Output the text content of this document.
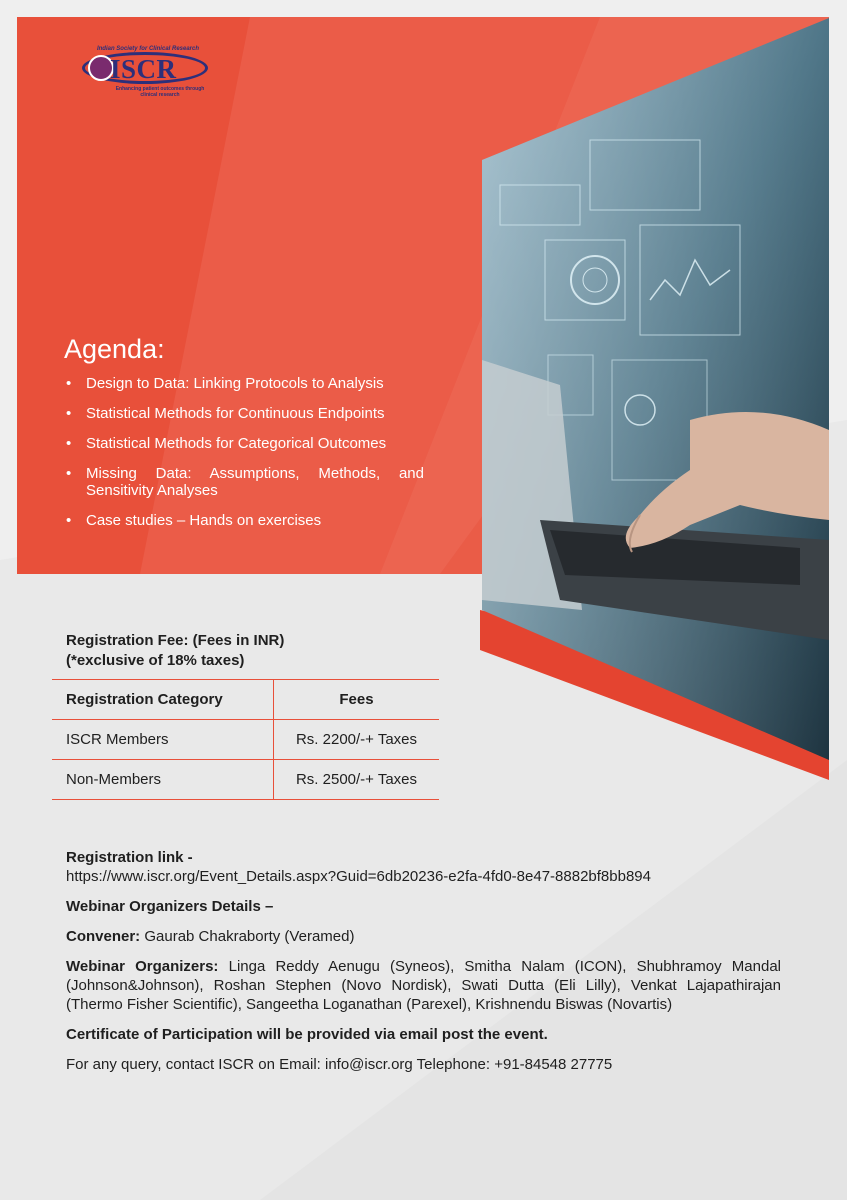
Indian Society for Clinical Research
ISCR
Enhancing patient outcomes through clinical research
Agenda:
• Design to Data: Linking Protocols to Analysis
• Statistical Methods for Continuous Endpoints
• Statistical Methods for Categorical Outcomes
• Missing Data: Assumptions, Methods, and Sensitivity Analyses
• Case studies – Hands on exercises
Registration Fee: (Fees in INR)
(*exclusive of 18% taxes)
Registration Category	Fees
ISCR Members	Rs. 2200/-+ Taxes
Non-Members	Rs. 2500/-+ Taxes

Registration link -

https://www.iscr.org/Event_Details.aspx?Guid=6db20236-e2fa-4fd0-8e47-8882bf8bb894

Webinar Organizers Details –

Convener: Gaurab Chakraborty (Veramed)

Webinar Organizers: Linga Reddy Aenugu (Syneos), Smitha Nalam (ICON), Shubhramoy Mandal (Johnson&Johnson), Roshan Stephen (Novo Nordisk), Swati Dutta (Eli Lilly), Venkat Lajapathirajan (Thermo Fisher Scientific), Sangeetha Loganathan (Parexel), Krishnendu Biswas (Novartis)

Certificate of Participation will be provided via email post the event.

For any query, contact ISCR on Email: info@iscr.org Telephone: +91-84548 27775
